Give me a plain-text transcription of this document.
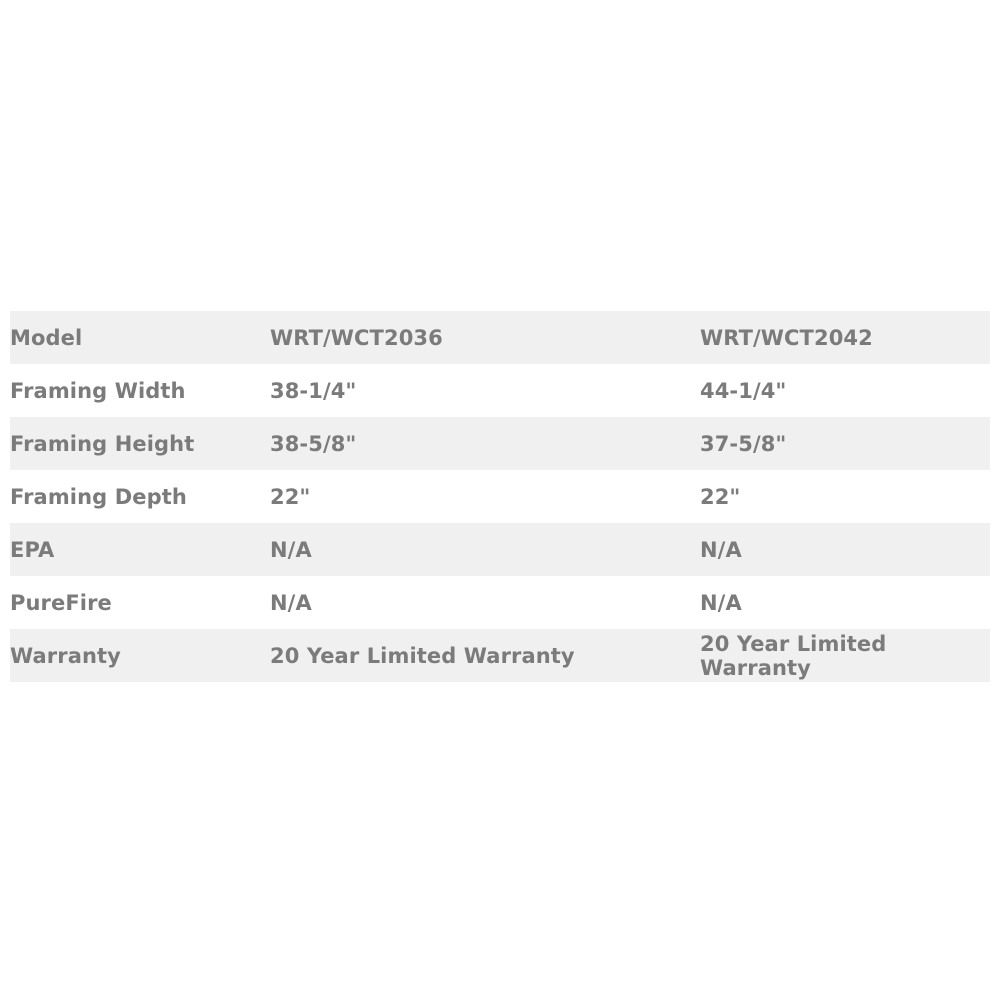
Model	WRT/WCT2036	WRT/WCT2042
Framing Width	38-1/4"	44-1/4"
Framing Height	38-5/8"	37-5/8"
Framing Depth	22"	22"
EPA	N/A	N/A
PureFire	N/A	N/A
Warranty	20 Year Limited Warranty	20 Year Limited Warranty
